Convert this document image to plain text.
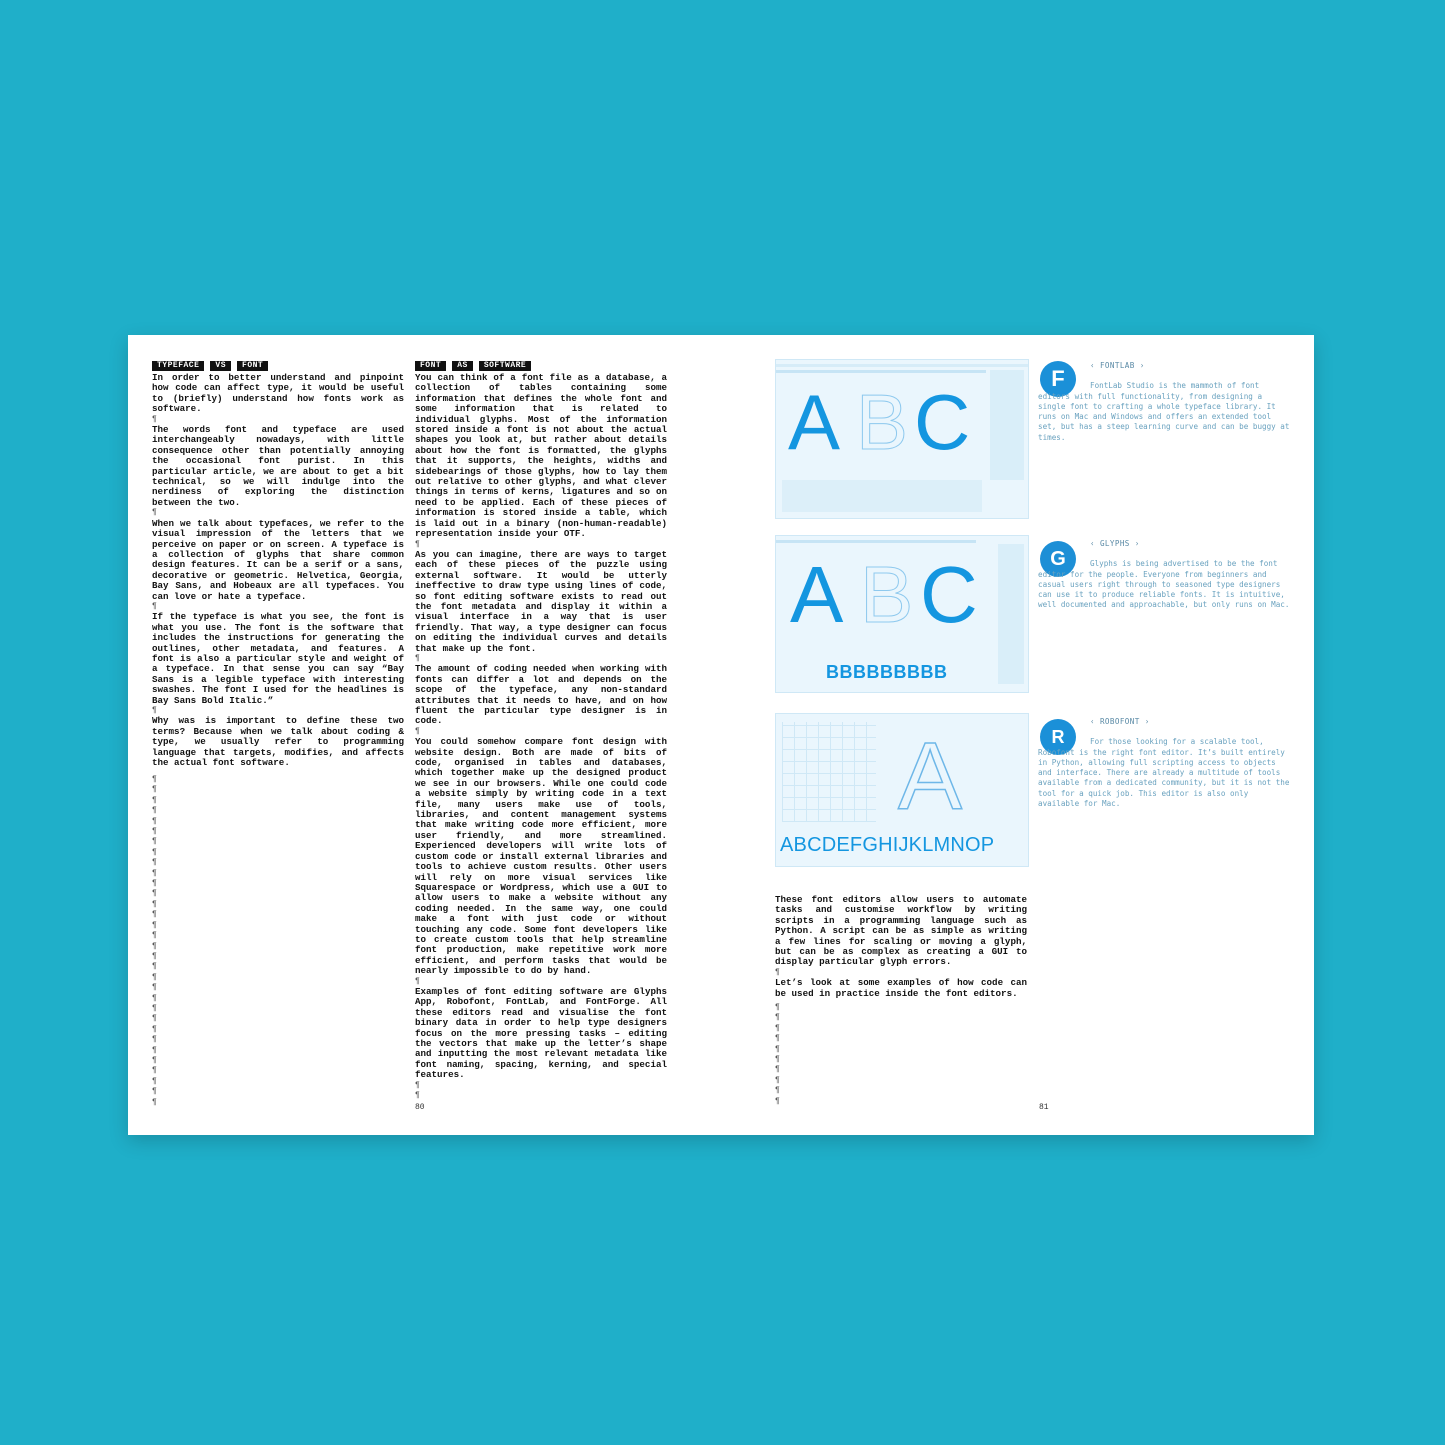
TYPEFACE	VS	FONT

In order to better understand and pinpoint how code can affect type, it would be useful to (briefly) understand how fonts work as software.

¶

The words font and typeface are used interchangeably nowadays, with little consequence other than potentially annoying the occasional font purist. In this particular article, we are about to get a bit technical, so we will indulge into the nerdiness of exploring the distinction between the two.

¶

When we talk about typefaces, we refer to the visual impression of the letters that we perceive on paper or on screen. A typeface is a collection of glyphs that share common design features. It can be a serif or a sans, decorative or geometric. Helvetica, Georgia, Bay Sans, and Hobeaux are all typefaces. You can love or hate a typeface.

¶

If the typeface is what you see, the font is what you use. The font is the software that includes the instructions for generating the outlines, other metadata, and features. A font is also a particular style and weight of a typeface. In that sense you can say “Bay Sans is a legible typeface with interesting swashes. The font I used for the headlines is Bay Sans Bold Italic.”

¶

Why was is important to define these two terms? Because when we talk about coding & type, we usually refer to programming language that targets, modifies, and affects the actual font software.

¶
¶
¶
¶
¶
¶
¶
¶
¶
¶
¶
¶
¶
¶
¶
¶
¶
¶
¶
¶
¶
¶
¶
¶
¶
¶
¶
¶
¶
¶
¶
¶
FONT	AS	SOFTWARE

You can think of a font file as a database, a collection of tables containing some information that defines the whole font and some information that is related to individual glyphs. Most of the information stored inside a font is not about the actual shapes you look at, but rather about details about how the font is formatted, the glyphs that it supports, the heights, widths and sidebearings of those glyphs, how to lay them out relative to other glyphs, and what clever things in terms of kerns, ligatures and so on need to be applied. Each of these pieces of information is stored inside a table, which is laid out in a binary (non-human-readable) representation inside your OTF.

¶

As you can imagine, there are ways to target each of these pieces of the puzzle using external software. It would be utterly ineffective to draw type using lines of code, so font editing software exists to read out the font metadata and display it within a visual interface in a way that is user friendly. That way, a type designer can focus on editing the individual curves and details that make up the font.

¶

The amount of coding needed when working with fonts can differ a lot and depends on the scope of the typeface, any non-standard attributes that it needs to have, and on how fluent the particular type designer is in code.

¶

You could somehow compare font design with website design. Both are made of bits of code, organised in tables and databases, which together make up the designed product we see in our browsers. While one could code a website simply by writing code in a text file, many users make use of tools, libraries, and content management systems that make writing code more efficient, more user friendly, and more streamlined. Experienced developers will write lots of custom code or install external libraries and tools to achieve custom results. Other users will rely on more visual services like Squarespace or Wordpress, which use a GUI to allow users to make a website without any coding needed. In the same way, one could make a font with just code or without touching any code. Some font developers like to create custom tools that help streamline font production, make repetitive work more efficient, and perform tasks that would be nearly impossible to do by hand.

¶

Examples of font editing software are Glyphs App, Robofont, FontLab, and FontForge. All these editors read and visualise the font binary data in order to help type designers focus on the more pressing tasks – editing the vectors that make up the letter’s shape and inputting the most relevant metadata like font naming, spacing, kerning, and special features.

¶

¶

80
A B C
A B C
BBBBBBBBB
A
ABCDEFGHIJKLMNOP

These font editors allow users to automate tasks and customise workflow by writing scripts in a programming language such as Python. A script can be as simple as writing a few lines for scaling or moving a glyph, but can be as complex as creating a GUI to display particular glyph errors.

¶

Let’s look at some examples of how code can be used in practice inside the font editors.

¶
¶
¶
¶
¶
¶
¶
¶
¶
¶
81
F
‹ FONTLAB ›
FontLab Studio is the mammoth of font editors with full functionality, from designing a single font to crafting a whole typeface library. It runs on Mac and Windows and offers an extended tool set, but has a steep learning curve and can be buggy at times.
G
‹ GLYPHS ›
Glyphs is being advertised to be the font editor for the people. Everyone from beginners and casual users right through to seasoned type designers can use it to produce reliable fonts. It is intuitive, well documented and approachable, but only runs on Mac.
R
‹ ROBOFONT ›
For those looking for a scalable tool, Robofont is the right font editor. It’s built entirely in Python, allowing full scripting access to objects and interface. There are already a multitude of tools available from a dedicated community, but it is not the tool for a quick job. This editor is also only available for Mac.
